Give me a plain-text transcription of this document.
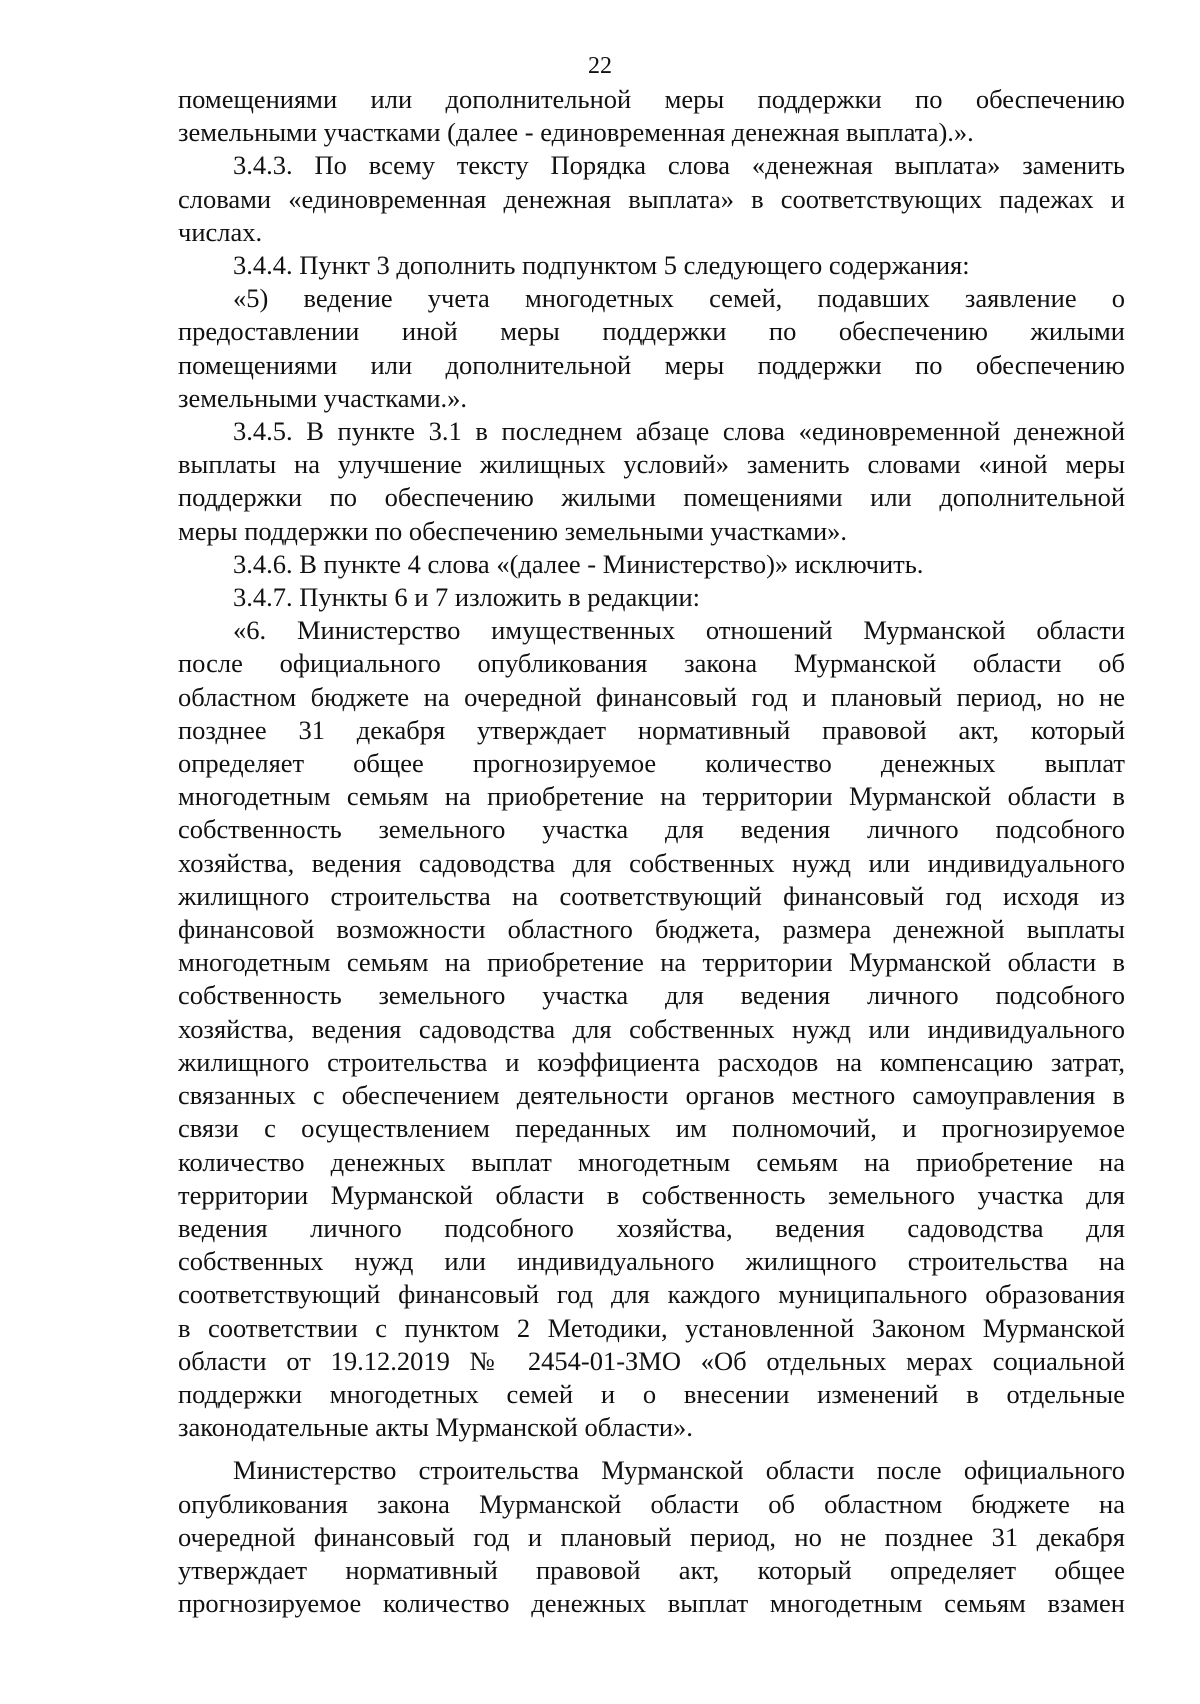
22
помещениями или дополнительной меры поддержки по обеспечению
земельными участками (далее - единовременная денежная выплата).».
3.4.3. По всему тексту Порядка слова «денежная выплата» заменить
словами «единовременная денежная выплата» в соответствующих падежах и
числах.
3.4.4. Пункт 3 дополнить подпунктом 5 следующего содержания:
«5) ведение учета многодетных семей, подавших заявление о
предоставлении иной меры поддержки по обеспечению жилыми
помещениями или дополнительной меры поддержки по обеспечению
земельными участками.».
3.4.5. В пункте 3.1 в последнем абзаце слова «единовременной денежной
выплаты на улучшение жилищных условий» заменить словами «иной меры
поддержки по обеспечению жилыми помещениями или дополнительной
меры поддержки по обеспечению земельными участками».
3.4.6. В пункте 4 слова «(далее - Министерство)» исключить.
3.4.7. Пункты 6 и 7 изложить в редакции:
«6. Министерство имущественных отношений Мурманской области
после официального опубликования закона Мурманской области об
областном бюджете на очередной финансовый год и плановый период, но не
позднее 31 декабря утверждает нормативный правовой акт, который
определяет общее прогнозируемое количество денежных выплат
многодетным семьям на приобретение на территории Мурманской области в
собственность земельного участка для ведения личного подсобного
хозяйства, ведения садоводства для собственных нужд или индивидуального
жилищного строительства на соответствующий финансовый год исходя из
финансовой возможности областного бюджета, размера денежной выплаты
многодетным семьям на приобретение на территории Мурманской области в
собственность земельного участка для ведения личного подсобного
хозяйства, ведения садоводства для собственных нужд или индивидуального
жилищного строительства и коэффициента расходов на компенсацию затрат,
связанных с обеспечением деятельности органов местного самоуправления в
связи с осуществлением переданных им полномочий, и прогнозируемое
количество денежных выплат многодетным семьям на приобретение на
территории Мурманской области в собственность земельного участка для
ведения личного подсобного хозяйства, ведения садоводства для
собственных нужд или индивидуального жилищного строительства на
соответствующий финансовый год для каждого муниципального образования
в соответствии с пунктом 2 Методики, установленной Законом Мурманской
области от 19.12.2019 № 2454-01-ЗМО «Об отдельных мерах социальной
поддержки многодетных семей и о внесении изменений в отдельные
законодательные акты Мурманской области».
Министерство строительства Мурманской области после официального
опубликования закона Мурманской области об областном бюджете на
очередной финансовый год и плановый период, но не позднее 31 декабря
утверждает нормативный правовой акт, который определяет общее
прогнозируемое количество денежных выплат многодетным семьям взамен
